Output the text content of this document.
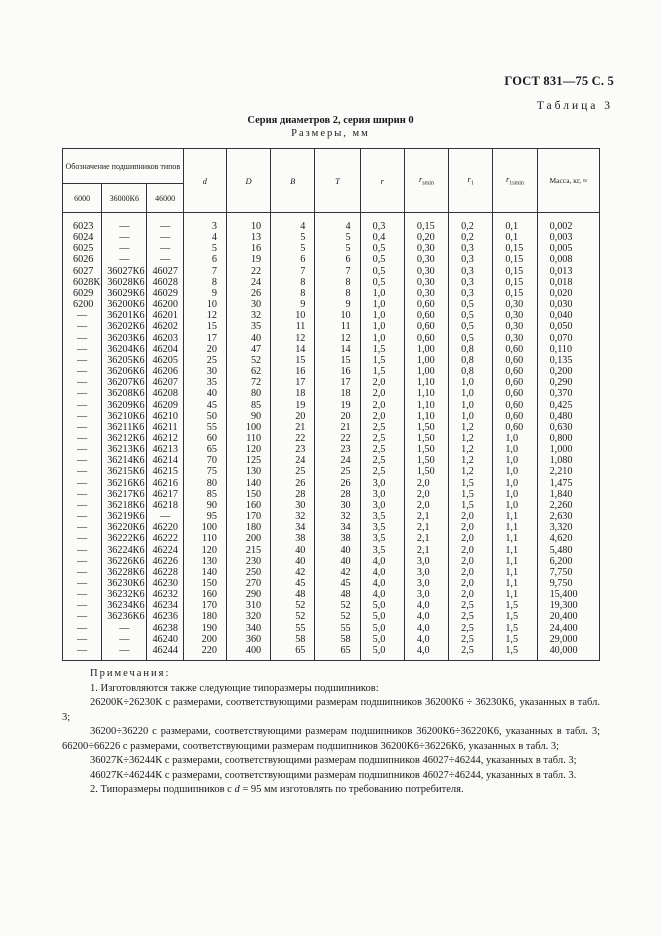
ГОСТ 831—75 С. 5
Таблица 3
Серия диаметров 2, серия ширин 0
Размеры, мм
Обозначение подшипников типов			d	D	B	T	r	$r_{smin}$	$r_1$	$r_{1smin}$	Масса, кг, ≈
6000	36000К6	46000									
6023	—	—	3	10	4	4	0,3	0,15	0,2	0,1	0,002
6024	—	—	4	13	5	5	0,4	0,20	0,2	0,1	0,003
6025	—	—	5	16	5	5	0,5	0,30	0,3	0,15	0,005
6026	—	—	6	19	6	6	0,5	0,30	0,3	0,15	0,008
6027	36027К6	46027	7	22	7	7	0,5	0,30	0,3	0,15	0,013
6028К	36028К6	46028	8	24	8	8	0,5	0,30	0,3	0,15	0,018
6029	36029К6	46029	9	26	8	8	1,0	0,30	0,3	0,15	0,020
6200	36200К6	46200	10	30	9	9	1,0	0,60	0,5	0,30	0,030
—	36201К6	46201	12	32	10	10	1,0	0,60	0,5	0,30	0,040
—	36202К6	46202	15	35	11	11	1,0	0,60	0,5	0,30	0,050
—	36203К6	46203	17	40	12	12	1,0	0,60	0,5	0,30	0,070
—	36204К6	46204	20	47	14	14	1,5	1,00	0,8	0,60	0,110
—	36205К6	46205	25	52	15	15	1,5	1,00	0,8	0,60	0,135
—	36206К6	46206	30	62	16	16	1,5	1,00	0,8	0,60	0,200
—	36207К6	46207	35	72	17	17	2,0	1,10	1,0	0,60	0,290
—	36208К6	46208	40	80	18	18	2,0	1,10	1,0	0,60	0,370
—	36209К6	46209	45	85	19	19	2,0	1,10	1,0	0,60	0,425
—	36210К6	46210	50	90	20	20	2,0	1,10	1,0	0,60	0,480
—	36211К6	46211	55	100	21	21	2,5	1,50	1,2	0,60	0,630
—	36212К6	46212	60	110	22	22	2,5	1,50	1,2	1,0	0,800
—	36213К6	46213	65	120	23	23	2,5	1,50	1,2	1,0	1,000
—	36214К6	46214	70	125	24	24	2,5	1,50	1,2	1,0	1,080
—	36215К6	46215	75	130	25	25	2,5	1,50	1,2	1,0	2,210
—	36216К6	46216	80	140	26	26	3,0	2,0	1,5	1,0	1,475
—	36217К6	46217	85	150	28	28	3,0	2,0	1,5	1,0	1,840
—	36218К6	46218	90	160	30	30	3,0	2,0	1,5	1,0	2,260
—	36219К6	—	95	170	32	32	3,5	2,1	2,0	1,1	2,630
—	36220К6	46220	100	180	34	34	3,5	2,1	2,0	1,1	3,320
—	36222К6	46222	110	200	38	38	3,5	2,1	2,0	1,1	4,620
—	36224К6	46224	120	215	40	40	3,5	2,1	2,0	1,1	5,480
—	36226К6	46226	130	230	40	40	4,0	3,0	2,0	1,1	6,200
—	36228К6	46228	140	250	42	42	4,0	3,0	2,0	1,1	7,750
—	36230К6	46230	150	270	45	45	4,0	3,0	2,0	1,1	9,750
—	36232К6	46232	160	290	48	48	4,0	3,0	2,0	1,1	15,400
—	36234К6	46234	170	310	52	52	5,0	4,0	2,5	1,5	19,300
—	36236К6	46236	180	320	52	52	5,0	4,0	2,5	1,5	20,400
—	—	46238	190	340	55	55	5,0	4,0	2,5	1,5	24,400
—	—	46240	200	360	58	58	5,0	4,0	2,5	1,5	29,000
—	—	46244	220	400	65	65	5,0	4,0	2,5	1,5	40,000
Примечания:
1. Изготовляются также следующие типоразмеры подшипников:
26200К÷26230К с размерами, соответствующими размерам подшипников 36200К6 ÷ 36230К6, указанных в табл. 3;
36200÷36220 с размерами, соответствующими размерам подшипников 36200К6÷36220К6, указанных в табл. 3; 66200÷66226 с размерами, соответствующими размерам подшипников 36200К6÷36226К6, указанных в табл. 3;
36027К÷36244К с размерами, соответствующими размерам подшипников 46027÷46244, указанных в табл. 3;
46027К÷46244К с размерами, соответствующими размерам подшипников 46027÷46244, указанных в табл. 3.
2. Типоразмеры подшипников с d = 95 мм изготовлять по требованию потребителя.
